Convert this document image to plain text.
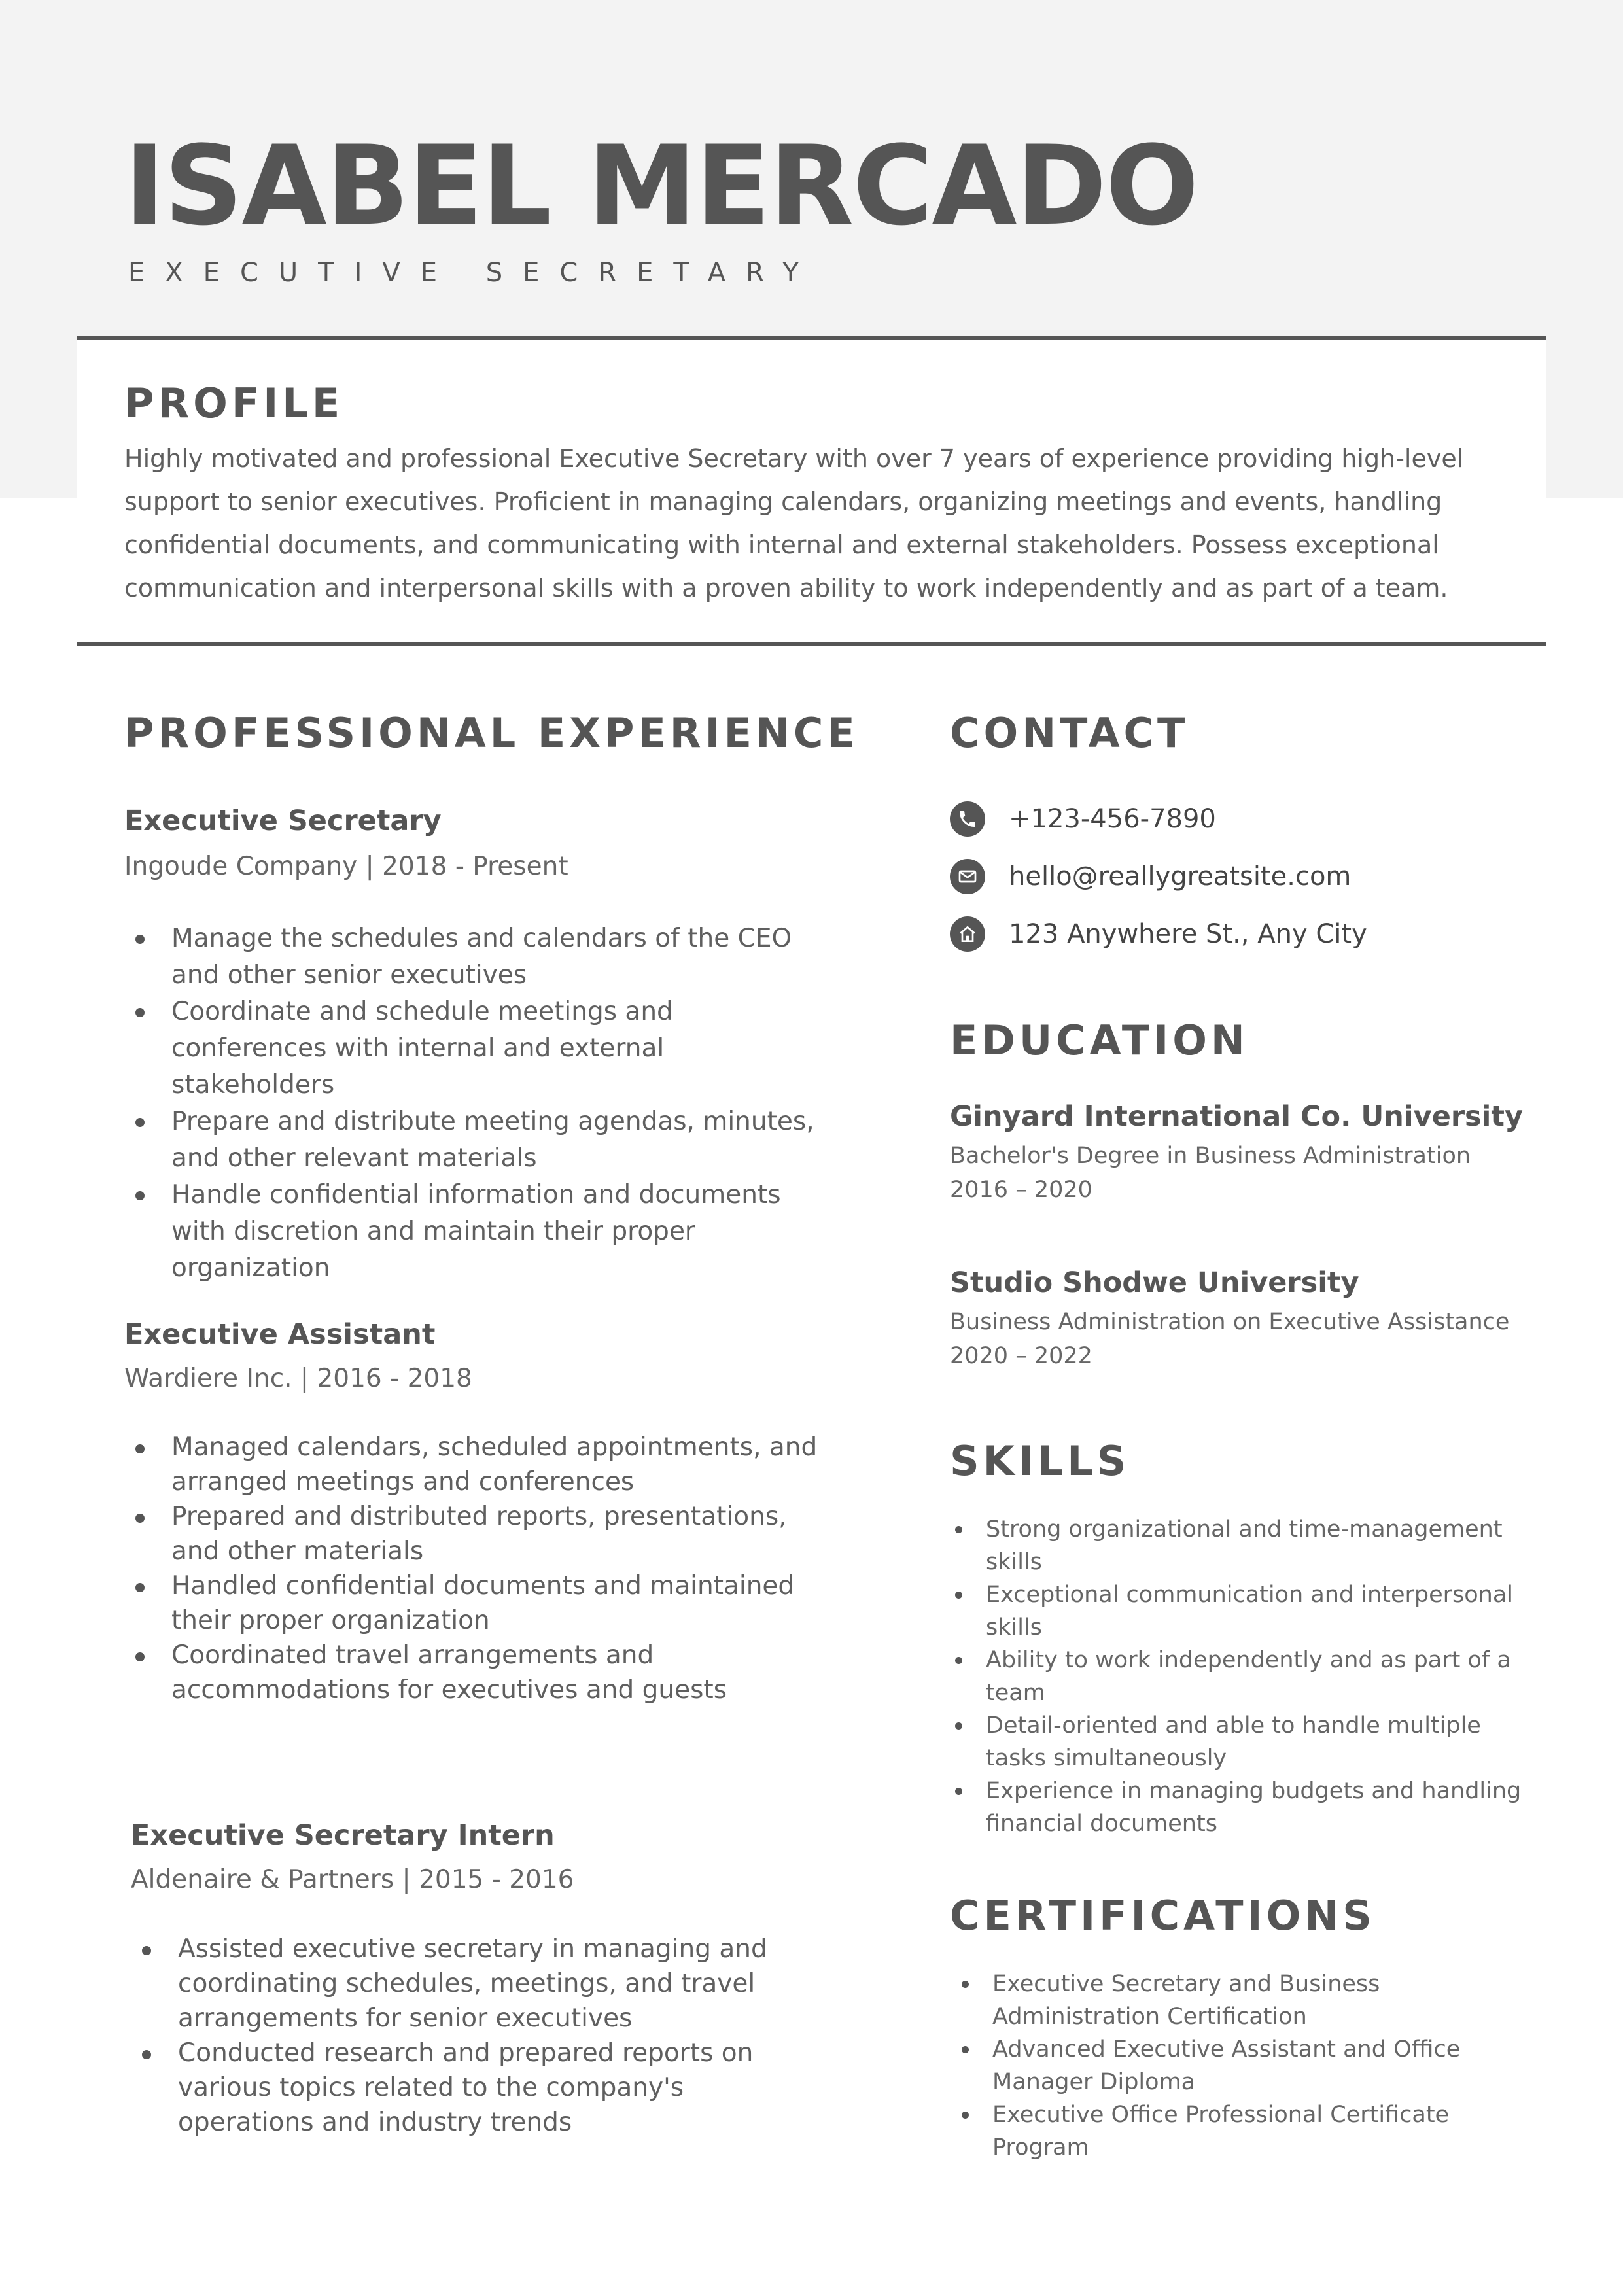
ISABEL MERCADO
EXECUTIVE SECRETARY
PROFILE
Highly motivated and professional Executive Secretary with over 7 years of experience providing high-level support to senior executives. Proficient in managing calendars, organizing meetings and events, handling confidential documents, and communicating with internal and external stakeholders. Possess exceptional communication and interpersonal skills with a proven ability to work independently and as part of a team.
PROFESSIONAL EXPERIENCE
Executive Secretary
Ingoude Company | 2018 - Present
Manage the schedules and calendars of the CEO and other senior executives
Coordinate and schedule meetings and conferences with internal and external stakeholders
Prepare and distribute meeting agendas, minutes, and other relevant materials
Handle confidential information and documents with discretion and maintain their proper organization
Executive Assistant
Wardiere Inc. | 2016 - 2018
Managed calendars, scheduled appointments, and arranged meetings and conferences
Prepared and distributed reports, presentations, and other materials
Handled confidential documents and maintained their proper organization
Coordinated travel arrangements and accommodations for executives and guests
Executive Secretary Intern
Aldenaire & Partners | 2015 - 2016
Assisted executive secretary in managing and coordinating schedules, meetings, and travel arrangements for senior executives
Conducted research and prepared reports on various topics related to the company's operations and industry trends
CONTACT
+123-456-7890
hello@reallygreatsite.com
123 Anywhere St., Any City
EDUCATION
Ginyard International Co. University
Bachelor's Degree in Business Administration
2016 – 2020
Studio Shodwe University
Business Administration on Executive Assistance
2020 – 2022
SKILLS
Strong organizational and time-management skills
Exceptional communication and interpersonal skills
Ability to work independently and as part of a team
Detail-oriented and able to handle multiple tasks simultaneously
Experience in managing budgets and handling financial documents
CERTIFICATIONS
Executive Secretary and Business Administration Certification
Advanced Executive Assistant and Office Manager Diploma
Executive Office Professional Certificate Program
